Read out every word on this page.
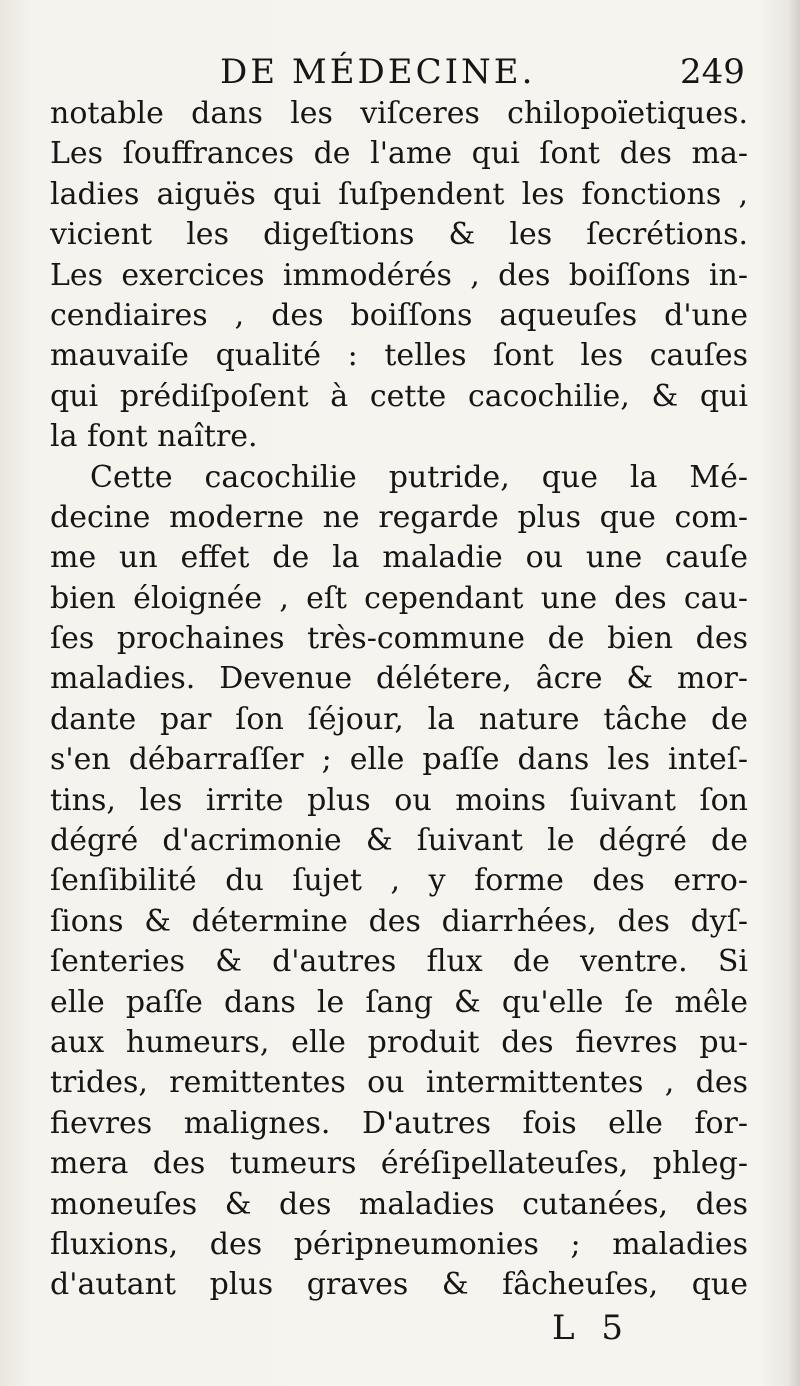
DE MÉDECINE.	249
notable dans les viſceres chilopoïetiques.
Les ſouffrances de l'ame qui ſont des ma-
ladies aiguës qui ſuſpendent les fonctions ,
vicient les digeſtions & les ſecrétions.
Les exercices immodérés , des boiſſons in-
cendiaires , des boiſſons aqueuſes d'une
mauvaiſe qualité : telles ſont les cauſes
qui prédiſpoſent à cette cacochilie, & qui
la font naître.
Cette cacochilie putride, que la Mé-
decine moderne ne regarde plus que com-
me un effet de la maladie ou une cauſe
bien éloignée , eſt cependant une des cau-
ſes prochaines très-commune de bien des
maladies. Devenue délétere, âcre & mor-
dante par ſon ſéjour, la nature tâche de
s'en débarraſſer ; elle paſſe dans les inteſ-
tins, les irrite plus ou moins ſuivant ſon
dégré d'acrimonie & ſuivant le dégré de
ſenſibilité du ſujet , y forme des erro-
ſions & détermine des diarrhées, des dyſ-
ſenteries & d'autres flux de ventre. Si
elle paſſe dans le ſang & qu'elle ſe mêle
aux humeurs, elle produit des fievres pu-
trides, remittentes ou intermittentes , des
fievres malignes. D'autres fois elle for-
mera des tumeurs éréſipellateuſes, phleg-
moneuſes & des maladies cutanées, des
fluxions, des péripneumonies ; maladies
d'autant plus graves & fâcheuſes, que
L 5
